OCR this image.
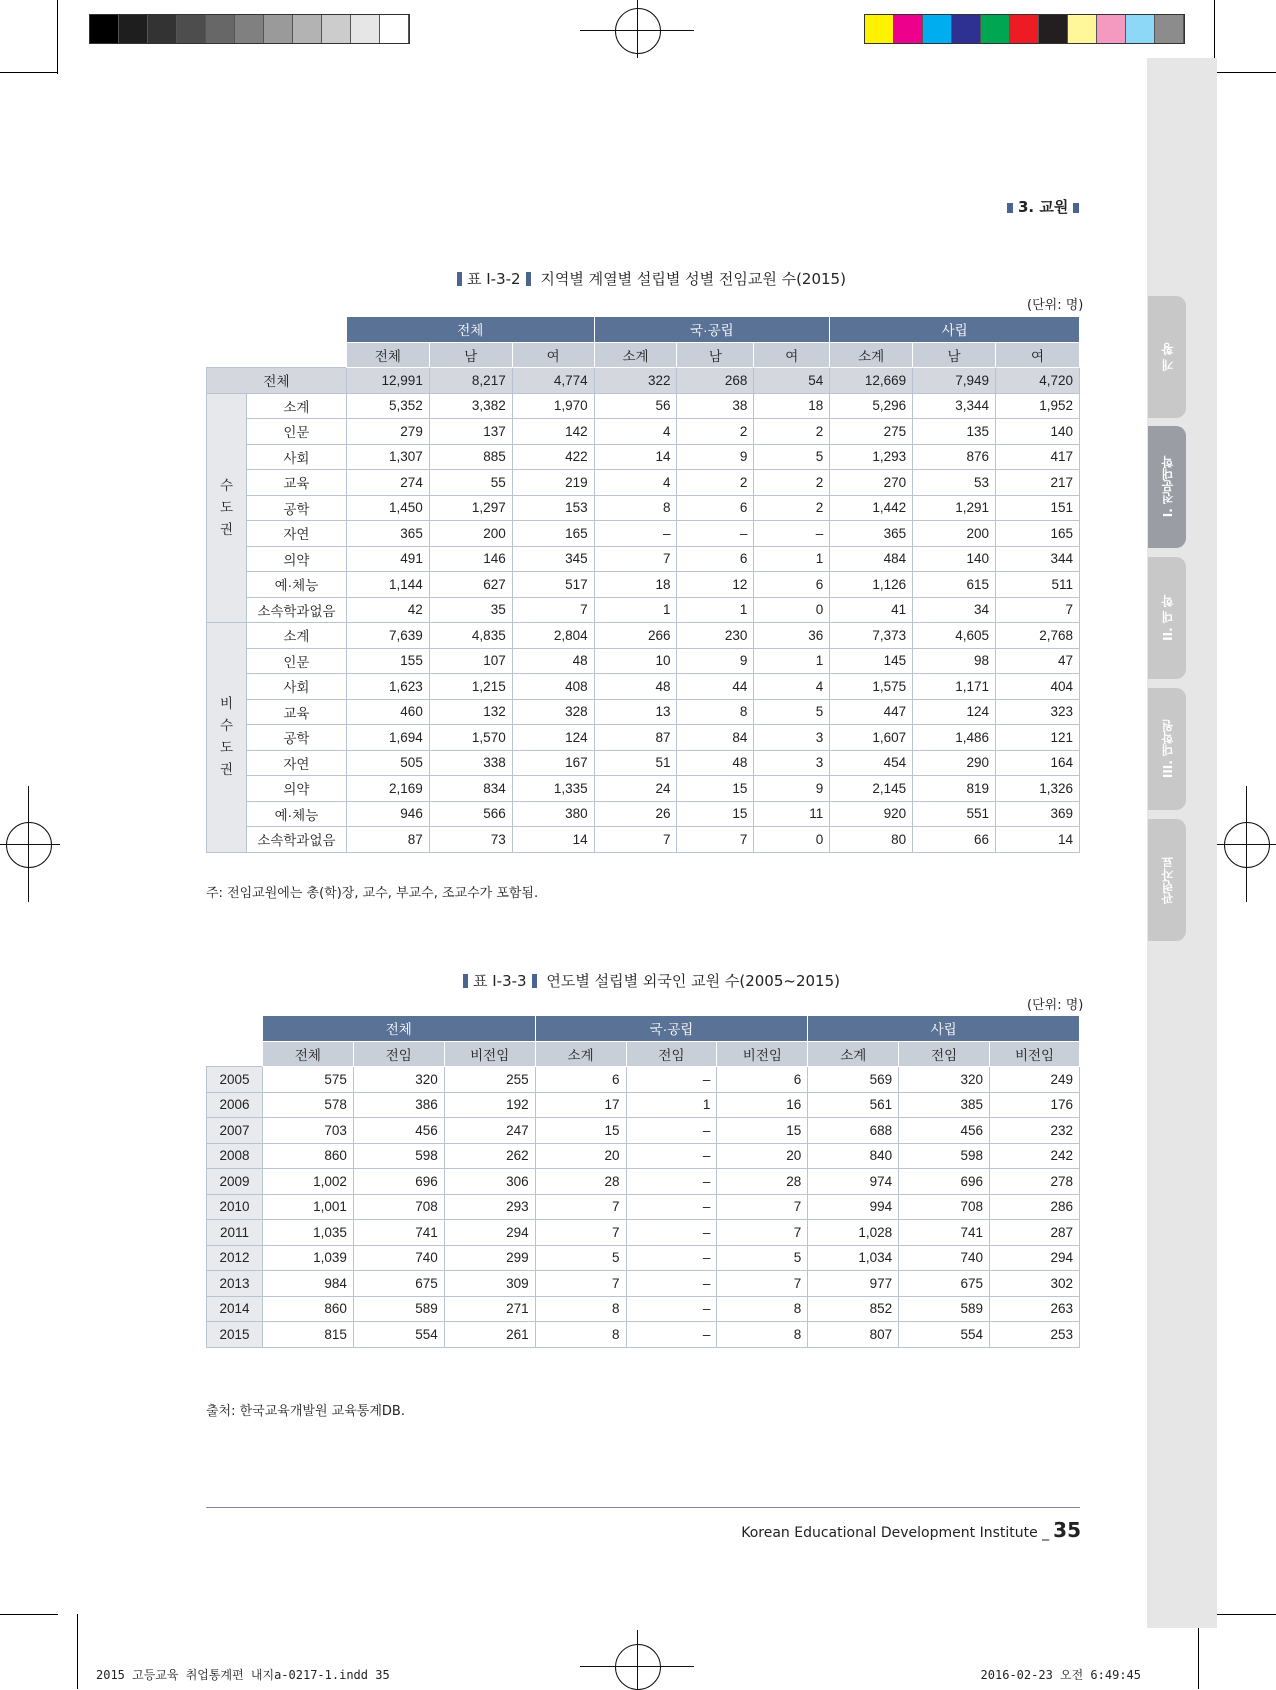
개 황
I. 전문대학
II. 대 학
III. 대학원
관련자료
3. 교원
표 Ⅰ-3-2 지역별 계열별 설립별 성별 전임교원 수(2015)
(단위: 명)
		전체			국·공립			사립		
		전체	남	여	소계	남	여	소계	남	여
전체		12,991	8,217	4,774	322	268	54	12,669	7,949	4,720
수
도
권	소계	5,352	3,382	1,970	56	38	18	5,296	3,344	1,952
	인문	279	137	142	4	2	2	275	135	140
	사회	1,307	885	422	14	9	5	1,293	876	417
	교육	274	55	219	4	2	2	270	53	217
	공학	1,450	1,297	153	8	6	2	1,442	1,291	151
	자연	365	200	165	–	–	–	365	200	165
	의약	491	146	345	7	6	1	484	140	344
	예·체능	1,144	627	517	18	12	6	1,126	615	511
	소속학과없음	42	35	7	1	1	0	41	34	7
비
수
도
권	소계	7,639	4,835	2,804	266	230	36	7,373	4,605	2,768
	인문	155	107	48	10	9	1	145	98	47
	사회	1,623	1,215	408	48	44	4	1,575	1,171	404
	교육	460	132	328	13	8	5	447	124	323
	공학	1,694	1,570	124	87	84	3	1,607	1,486	121
	자연	505	338	167	51	48	3	454	290	164
	의약	2,169	834	1,335	24	15	9	2,145	819	1,326
	예·체능	946	566	380	26	15	11	920	551	369
	소속학과없음	87	73	14	7	7	0	80	66	14
주: 전임교원에는 총(학)장, 교수, 부교수, 조교수가 포함됨.
표 Ⅰ-3-3 연도별 설립별 외국인 교원 수(2005~2015)
(단위: 명)
	전체			국·공립			사립		
	전체	전임	비전임	소계	전임	비전임	소계	전임	비전임
2005	575	320	255	6	–	6	569	320	249
2006	578	386	192	17	1	16	561	385	176
2007	703	456	247	15	–	15	688	456	232
2008	860	598	262	20	–	20	840	598	242
2009	1,002	696	306	28	–	28	974	696	278
2010	1,001	708	293	7	–	7	994	708	286
2011	1,035	741	294	7	–	7	1,028	741	287
2012	1,039	740	299	5	–	5	1,034	740	294
2013	984	675	309	7	–	7	977	675	302
2014	860	589	271	8	–	8	852	589	263
2015	815	554	261	8	–	8	807	554	253
출처: 한국교육개발원 교육통계DB.
Korean Educational Development Institute _ 35
2015 고등교육 취업통계편 내지a-0217-1.indd 35	2016-02-23 오전 6:49:45
